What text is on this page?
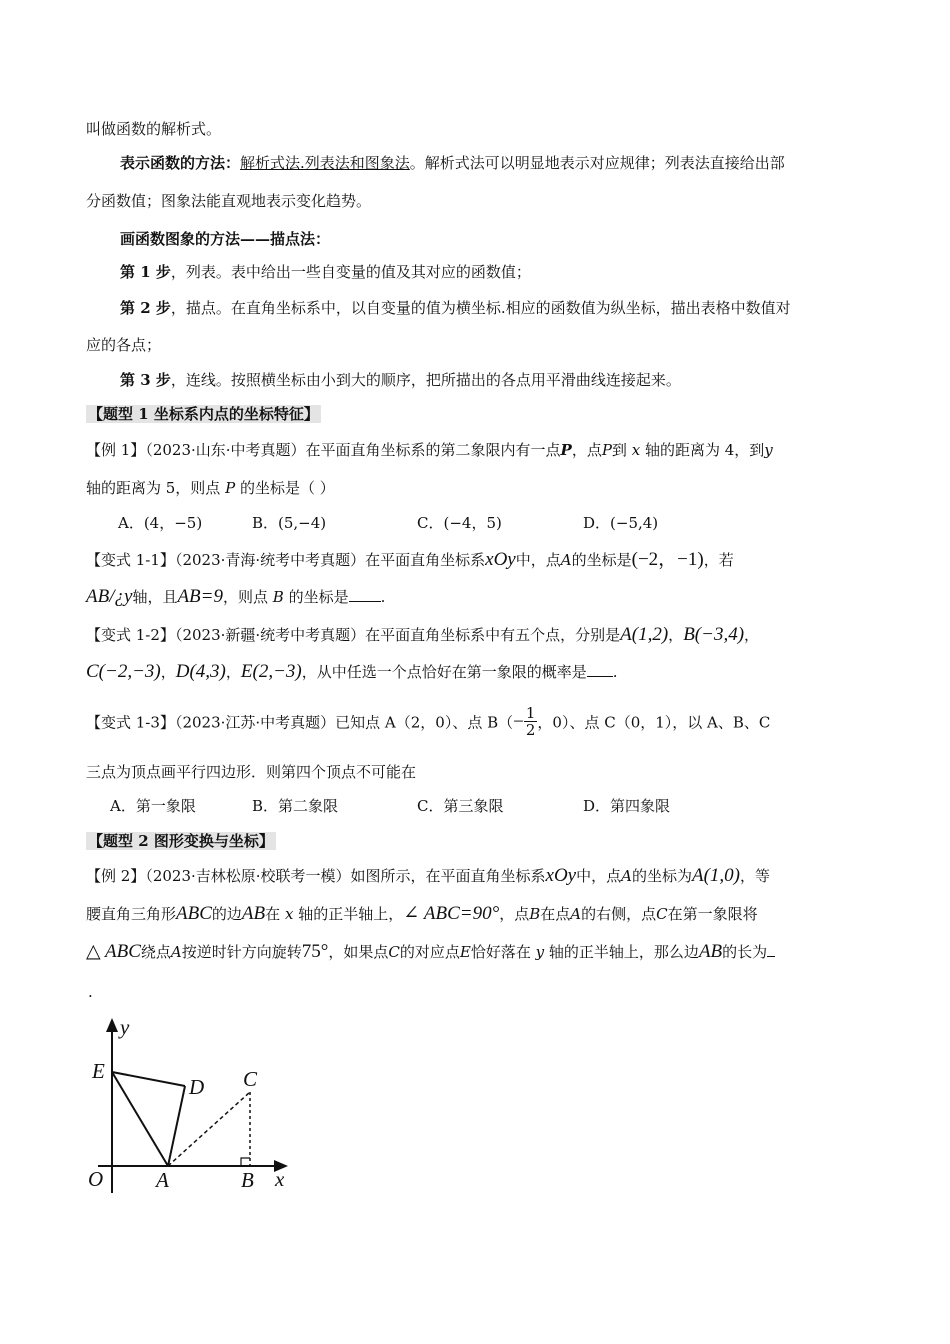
叫做函数的解析式。
表示函数的方法：解析式法.列表法和图象法。解析式法可以明显地表示对应规律；列表法直接给出部
分函数值；图象法能直观地表示变化趋势。
画函数图象的方法——描点法：
第 1 步，列表。表中给出一些自变量的值及其对应的函数值；
第 2 步，描点。在直角坐标系中，以自变量的值为横坐标.相应的函数值为纵坐标，描出表格中数值对
应的各点；
第 3 步，连线。按照横坐标由小到大的顺序，把所描出的各点用平滑曲线连接起来。
【题型 1 坐标系内点的坐标特征】
【例 1】（2023·山东·中考真题）在平面直角坐标系的第二象限内有一点P，点P到 x 轴的距离为 4，到y
轴的距离为 5，则点 P 的坐标是（ ）
A．(4，−5)	B．(5,−4)	C．(−4，5)	D．(−5,4)
【变式 1-1】（2023·青海·统考中考真题）在平面直角坐标系xOy中，点A的坐标是(−2，−1)，若
AB/¿y轴，且AB=9，则点 B 的坐标是 .
【变式 1-2】（2023·新疆·统考中考真题）在平面直角坐标系中有五个点，分别是A(1,2)，B(−3,4)，
C(−2,−3)，D(4,3)，E(2,−3)，从中任选一个点恰好在第一象限的概率是 .
【变式 1-3】（2023·江苏·中考真题）已知点 A（2，0）、点 $B(- \frac{1}{2}$ ，0）、点 C（0，1），以 A、B、C
三点为顶点画平行四边形．则第四个顶点不可能在
A．第一象限	B．第二象限	C．第三象限	D．第四象限
【题型 2 图形变换与坐标】
【例 2】（2023·吉林松原·校联考一模）如图所示，在平面直角坐标系xOy中，点A的坐标为A(1,0)，等
腰直角三角形ABC的边AB在 x 轴的正半轴上，∠ ABC=90°，点B在点A的右侧，点C在第一象限将
△ ABC绕点A按逆时针方向旋转75°，如果点C的对应点E恰好落在 y 轴的正半轴上，那么边AB的长为
.
y
x
O	A	B
C
D
E
